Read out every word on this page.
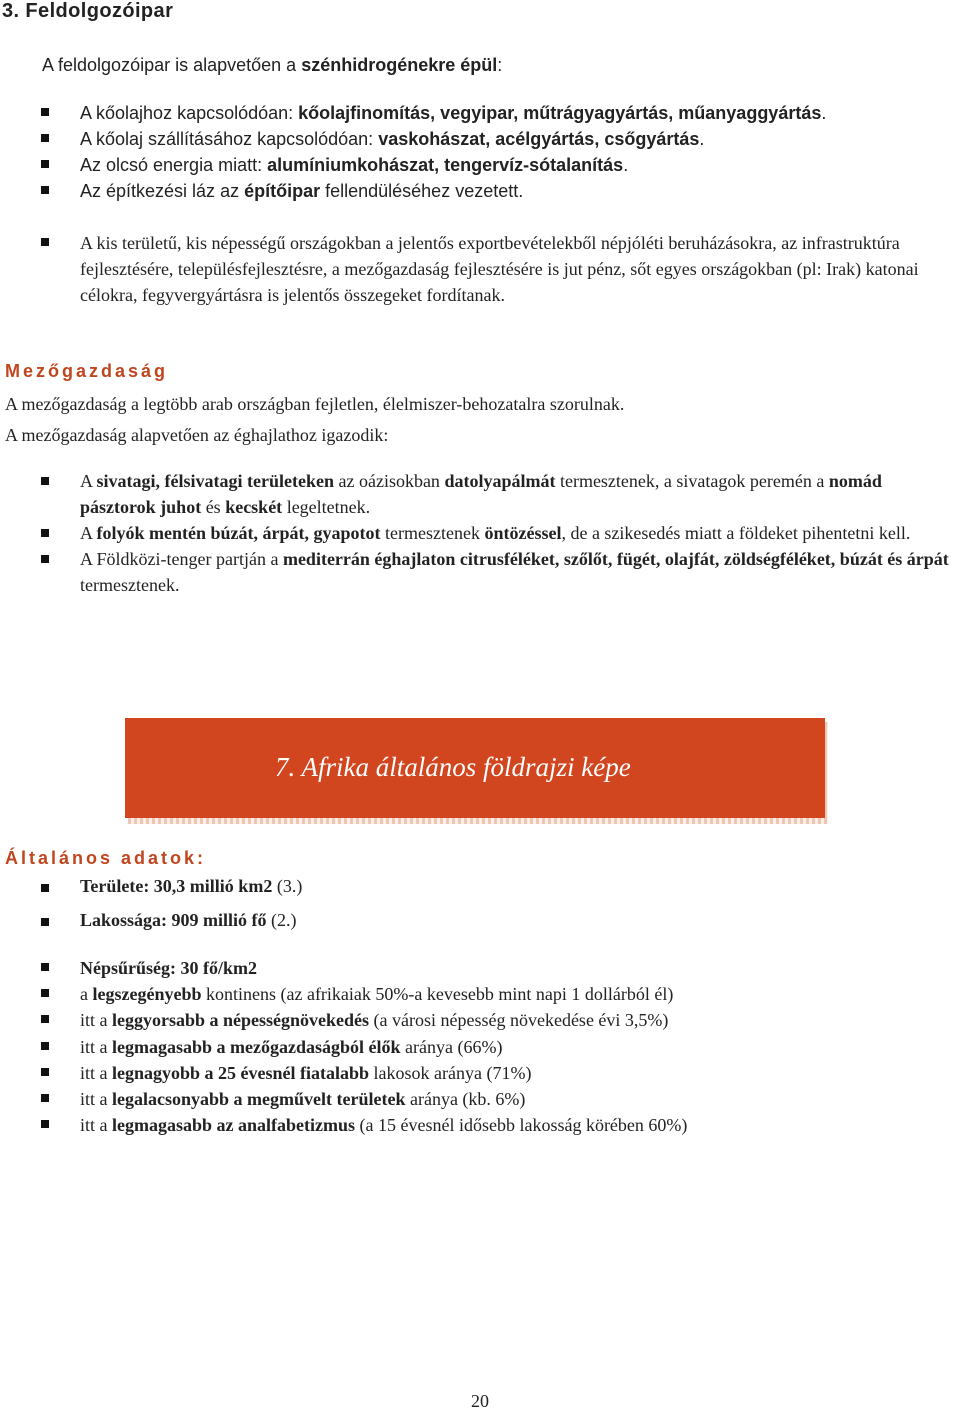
3. Feldolgozóipar
A feldolgozóipar is alapvetően a szénhidrogénekre épül:
A kőolajhoz kapcsolódóan: kőolajfinomítás, vegyipar, műtrágyagyártás, műanyaggyártás.
A kőolaj szállításához kapcsolódóan: vaskohászat, acélgyártás, csőgyártás.
Az olcsó energia miatt: alumíniumkohászat, tengervíz-sótalanítás.
Az építkezési láz az építőipar fellendüléséhez vezetett.
A kis területű, kis népességű országokban a jelentős exportbevételekből népjóléti beruházásokra, az infrastruktúra fejlesztésére, településfejlesztésre, a mezőgazdaság fejlesztésére is jut pénz, sőt egyes országokban (pl: Irak) katonai célokra, fegyvergyártásra is jelentős összegeket fordítanak.
Mezőgazdaság
A mezőgazdaság a legtöbb arab országban fejletlen, élelmiszer-behozatalra szorulnak.
A mezőgazdaság alapvetően az éghajlathoz igazodik:
A sivatagi, félsivatagi területeken az oázisokban datolyapálmát termesztenek, a sivatagok peremén a nomád pásztorok juhot és kecskét legeltetnek.
A folyók mentén búzát, árpát, gyapotot termesztenek öntözéssel, de a szikesedés miatt a földeket pihentetni kell.
A Földközi-tenger partján a mediterrán éghajlaton citrusféléket, szőlőt, fügét, olajfát, zöldségféléket, búzát és árpát termesztenek.
7. Afrika általános földrajzi képe
Általános adatok:
Területe: 30,3 millió km2 (3.)
Lakossága: 909 millió fő (2.)
Népsűrűség: 30 fő/km2
a legszegényebb kontinens (az afrikaiak 50%-a kevesebb mint napi 1 dollárból él)
itt a leggyorsabb a népességnövekedés (a városi népesség növekedése évi 3,5%)
itt a legmagasabb a mezőgazdaságból élők aránya (66%)
itt a legnagyobb a 25 évesnél fiatalabb lakosok aránya (71%)
itt a legalacsonyabb a megművelt területek aránya (kb. 6%)
itt a legmagasabb az analfabetizmus (a 15 évesnél idősebb lakosság körében 60%)
20
